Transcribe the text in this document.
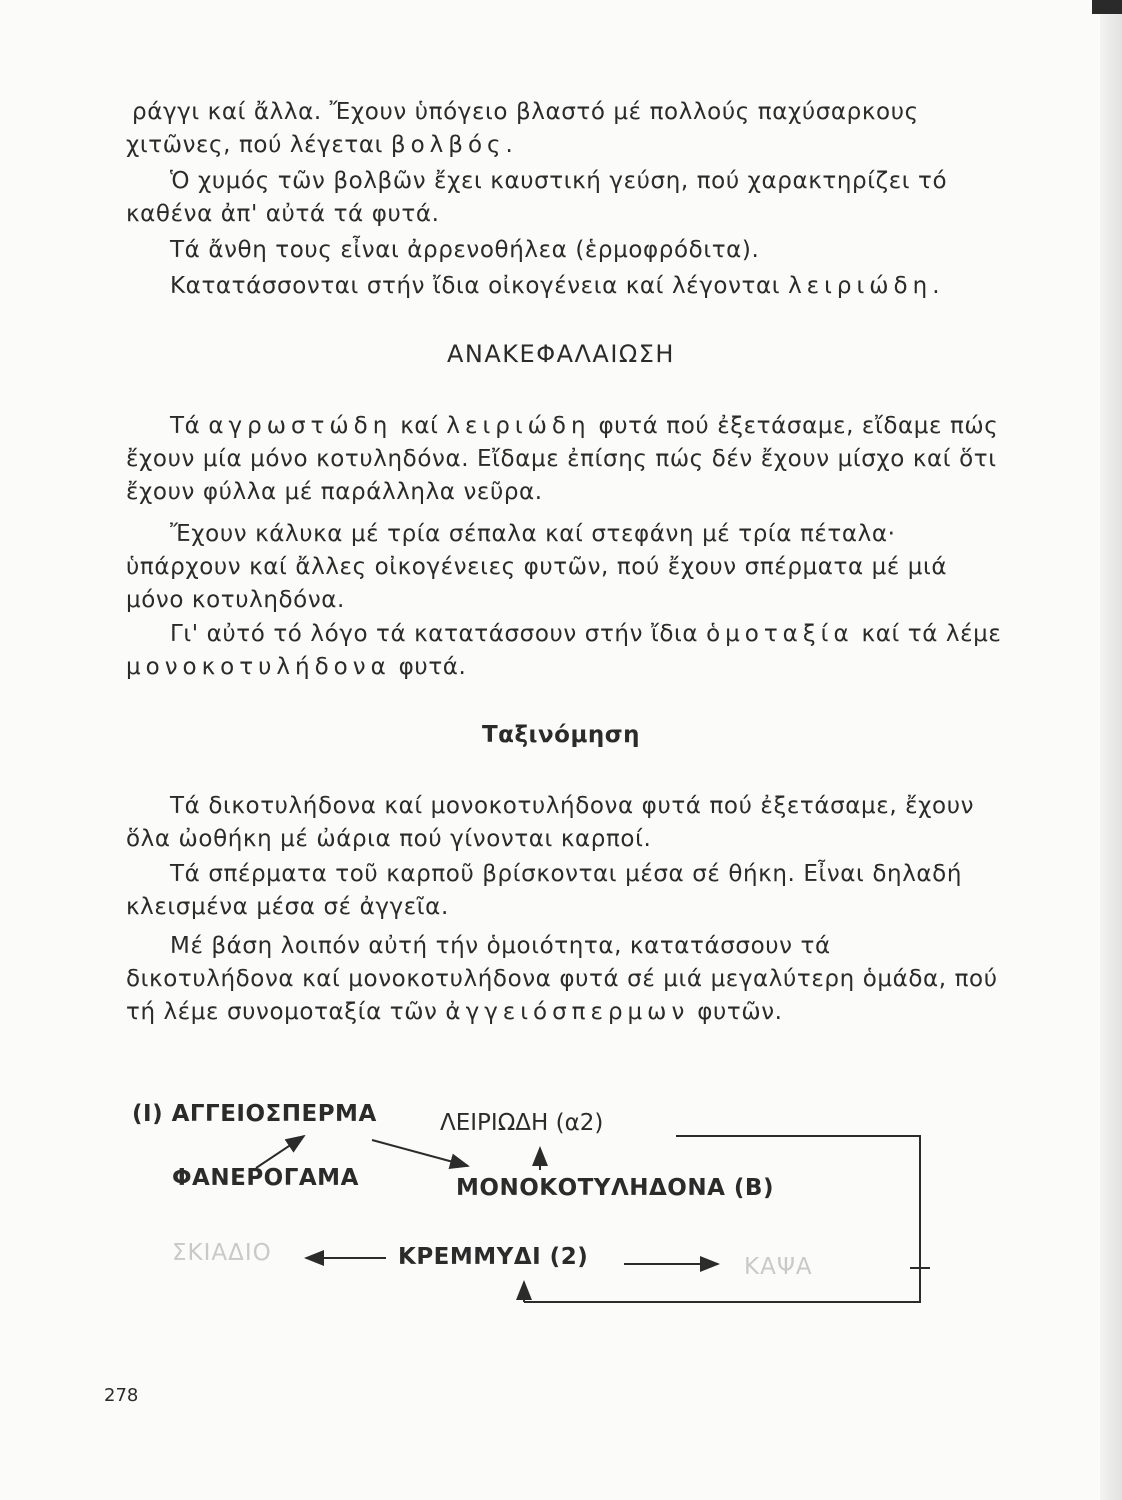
ράγγι καί ἄλλα. Ἔχουν ὑπόγειο βλαστό μέ πολλούς παχύσαρκους χιτῶνες, πού λέγεται βολβός.

Ὁ χυμός τῶν βολβῶν ἔχει καυστική γεύση, πού χαρακτηρίζει τό καθένα ἀπ' αὐτά τά φυτά.

Τά ἄνθη τους εἶναι ἀρρενοθήλεα (ἑρμοφρόδιτα).

Κατατάσσονται στήν ἴδια οἰκογένεια καί λέγονται λειριώδη.

ΑΝΑΚΕΦΑΛΑΙΩΣΗ

Τά αγρωστώδη καί λειριώδη φυτά πού ἐξετάσαμε, εἴδαμε πώς ἔχουν μία μόνο κοτυληδόνα. Εἴδαμε ἐπίσης πώς δέν ἔχουν μίσχο καί ὅτι ἔχουν φύλλα μέ παράλληλα νεῦρα.

Ἔχουν κάλυκα μέ τρία σέπαλα καί στεφάνη μέ τρία πέταλα· ὑπάρχουν καί ἄλλες οἰκογένειες φυτῶν, πού ἔχουν σπέρματα μέ μιά μόνο κοτυληδόνα.

Γι' αὐτό τό λόγο τά κατατάσσουν στήν ἴδια ὁμοταξία καί τά λέμε μονοκοτυλήδονα φυτά.

Ταξινόμηση

Τά δικοτυλήδονα καί μονοκοτυλήδονα φυτά πού ἐξετάσαμε, ἔχουν ὅλα ὠοθήκη μέ ὠάρια πού γίνονται καρποί.

Τά σπέρματα τοῦ καρποῦ βρίσκονται μέσα σέ θήκη. Εἶναι δηλαδή κλεισμένα μέσα σέ ἀγγεῖα.

Μέ βάση λοιπόν αὐτή τήν ὁμοιότητα, κατατάσσουν τά δικοτυλήδονα καί μονοκοτυλήδονα φυτά σέ μιά μεγαλύτερη ὁμάδα, πού τή λέμε συνομοταξία τῶν ἀγγειόσπερμων φυτῶν.

(I) ΑΓΓΕΙΟΣΠΕΡΜΑ	ΛΕΙΡΙΩΔΗ (α2)

ΦΑΝΕΡΟΓΑΜΑ	ΜΟΝΟΚΟΤΥΛΗΔΟΝΑ (Β)

ΣΚΙΑΔΙΟ	ΚΡΕΜΜΥΔΙ (2)	ΚΑΨΑ

278
